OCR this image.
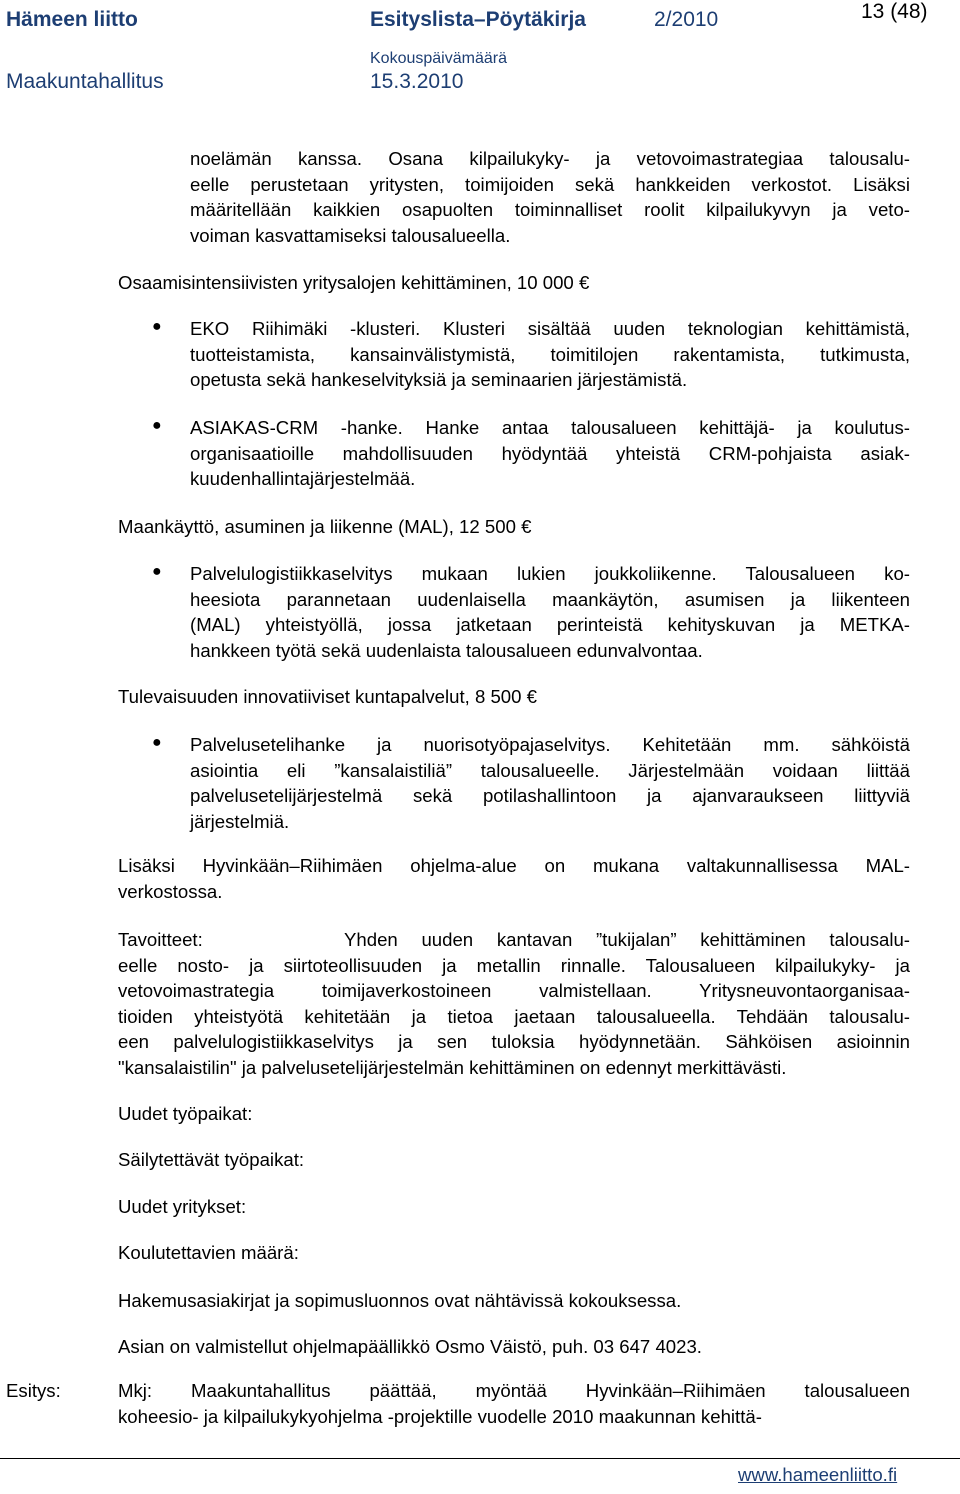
Hämeen liitto	Esityslista–Pöytäkirja	2/2010	13 (48)
Kokouspäivämäärä
Maakuntahallitus	15.3.2010
noelämän kanssa. Osana kilpailukyky- ja vetovoimastrategiaa talousalu-
eelle perustetaan yritysten, toimijoiden sekä hankkeiden verkostot. Lisäksi
määritellään kaikkien osapuolten toiminnalliset roolit kilpailukyvyn ja veto-
voiman kasvattamiseksi talousalueella.
Osaamisintensiivisten yritysalojen kehittäminen, 10 000 €
● EKO Riihimäki -klusteri. Klusteri sisältää uuden teknologian kehittämistä,
tuotteistamista, kansainvälistymistä, toimitilojen rakentamista, tutkimusta,
opetusta sekä hankeselvityksiä ja seminaarien järjestämistä.
● ASIAKAS-CRM -hanke. Hanke antaa talousalueen kehittäjä- ja koulutus-
organisaatioille mahdollisuuden hyödyntää yhteistä CRM-pohjaista asiak-
kuudenhallintajärjestelmää.
Maankäyttö, asuminen ja liikenne (MAL), 12 500 €
● Palvelulogistiikkaselvitys mukaan lukien joukkoliikenne. Talousalueen ko-
heesiota parannetaan uudenlaisella maankäytön, asumisen ja liikenteen
(MAL) yhteistyöllä, jossa jatketaan perinteistä kehityskuvan ja METKA-
hankkeen työtä sekä uudenlaista talousalueen edunvalvontaa.
Tulevaisuuden innovatiiviset kuntapalvelut, 8 500 €
● Palvelusetelihanke ja nuorisotyöpajaselvitys. Kehitetään mm. sähköistä
asiointia eli ”kansalaistiliä” talousalueelle. Järjestelmään voidaan liittää
palvelusetelijärjestelmä sekä potilashallintoon ja ajanvaraukseen liittyviä
järjestelmiä.
Lisäksi Hyvinkään–Riihimäen ohjelma-alue on mukana valtakunnallisessa MAL-
verkostossa.
Tavoitteet:	Yhden uuden kantavan ”tukijalan” kehittäminen talousalu-
eelle nosto- ja siirtoteollisuuden ja metallin rinnalle. Talousalueen kilpailukyky- ja
vetovoimastrategia toimijaverkostoineen valmistellaan. Yritysneuvontaorganisaa-
tioiden yhteistyötä kehitetään ja tietoa jaetaan talousalueella. Tehdään talousalu-
een palvelulogistiikkaselvitys ja sen tuloksia hyödynnetään. Sähköisen asioinnin
"kansalaistilin" ja palvelusetelijärjestelmän kehittäminen on edennyt merkittävästi.
Uudet työpaikat:
Säilytettävät työpaikat:
Uudet yritykset:
Koulutettavien määrä:
Hakemusasiakirjat ja sopimusluonnos ovat nähtävissä kokouksessa.
Asian on valmistellut ohjelmapäällikkö Osmo Väistö, puh. 03 647 4023.
Esitys:	Mkj: Maakuntahallitus päättää, myöntää Hyvinkään–Riihimäen talousalueen
koheesio- ja kilpailukykyohjelma -projektille vuodelle 2010 maakunnan kehittä-
www.hameenliitto.fi
